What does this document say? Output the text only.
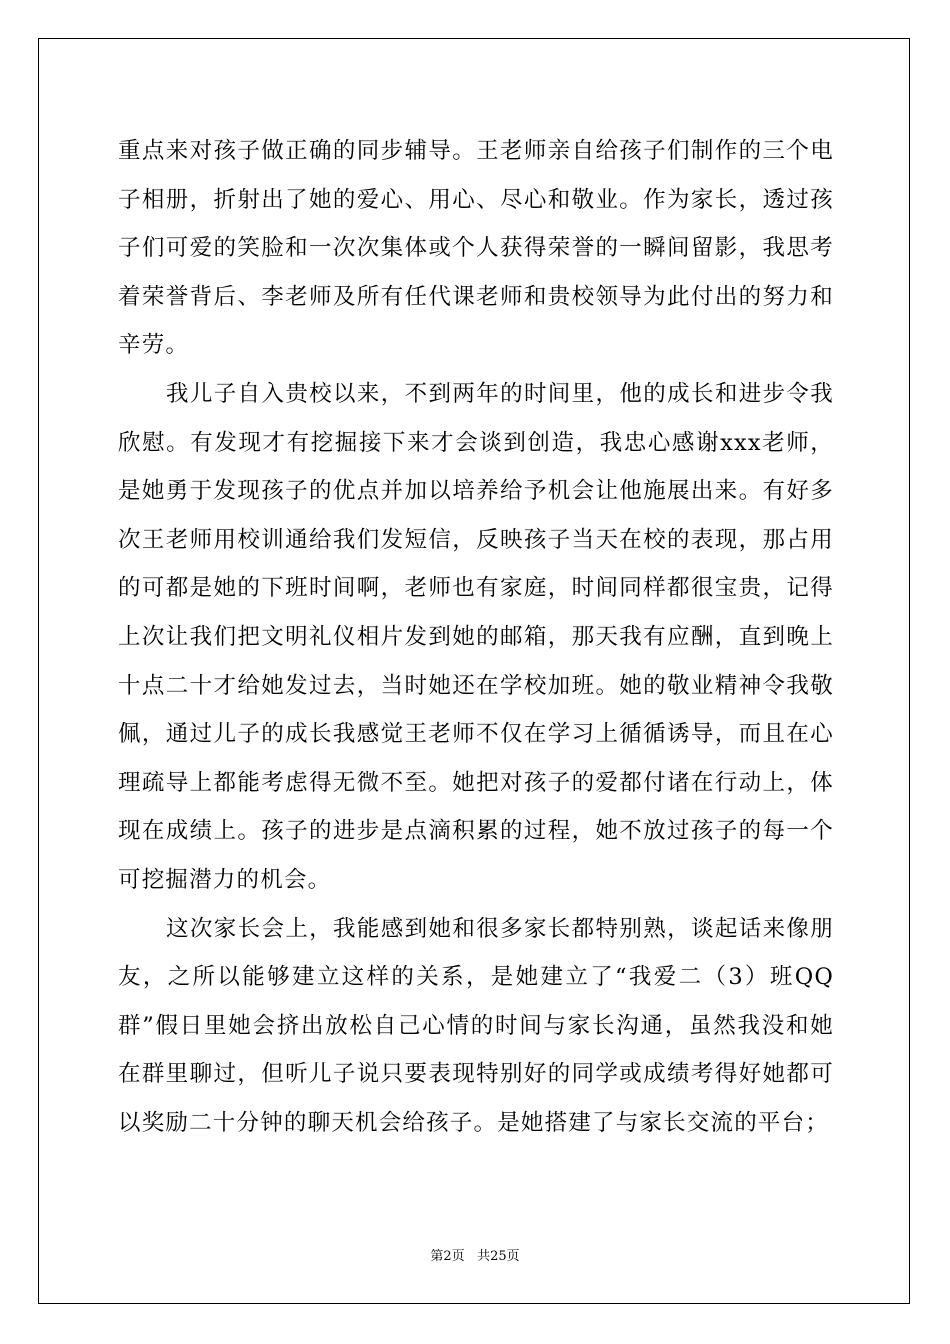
重点来对孩子做正确的同步辅导。王老师亲自给孩子们制作的三个电子相册，折射出了她的爱心、用心、尽心和敬业。作为家长，透过孩子们可爱的笑脸和一次次集体或个人获得荣誉的一瞬间留影，我思考着荣誉背后、李老师及所有任代课老师和贵校领导为此付出的努力和辛劳。

我儿子自入贵校以来，不到两年的时间里，他的成长和进步令我欣慰。有发现才有挖掘接下来才会谈到创造，我忠心感谢xxx老师，是她勇于发现孩子的优点并加以培养给予机会让他施展出来。有好多次王老师用校训通给我们发短信，反映孩子当天在校的表现，那占用的可都是她的下班时间啊，老师也有家庭，时间同样都很宝贵，记得上次让我们把文明礼仪相片发到她的邮箱，那天我有应酬，直到晚上十点二十才给她发过去，当时她还在学校加班。她的敬业精神令我敬佩，通过儿子的成长我感觉王老师不仅在学习上循循诱导，而且在心理疏导上都能考虑得无微不至。她把对孩子的爱都付诸在行动上，体现在成绩上。孩子的进步是点滴积累的过程，她不放过孩子的每一个可挖掘潜力的机会。

这次家长会上，我能感到她和很多家长都特别熟，谈起话来像朋友，之所以能够建立这样的关系，是她建立了“我爱二（3）班QQ群”假日里她会挤出放松自己心情的时间与家长沟通，虽然我没和她在群里聊过，但听儿子说只要表现特别好的同学或成绩考得好她都可以奖励二十分钟的聊天机会给孩子。是她搭建了与家长交流的平台；

第2页 共25页
